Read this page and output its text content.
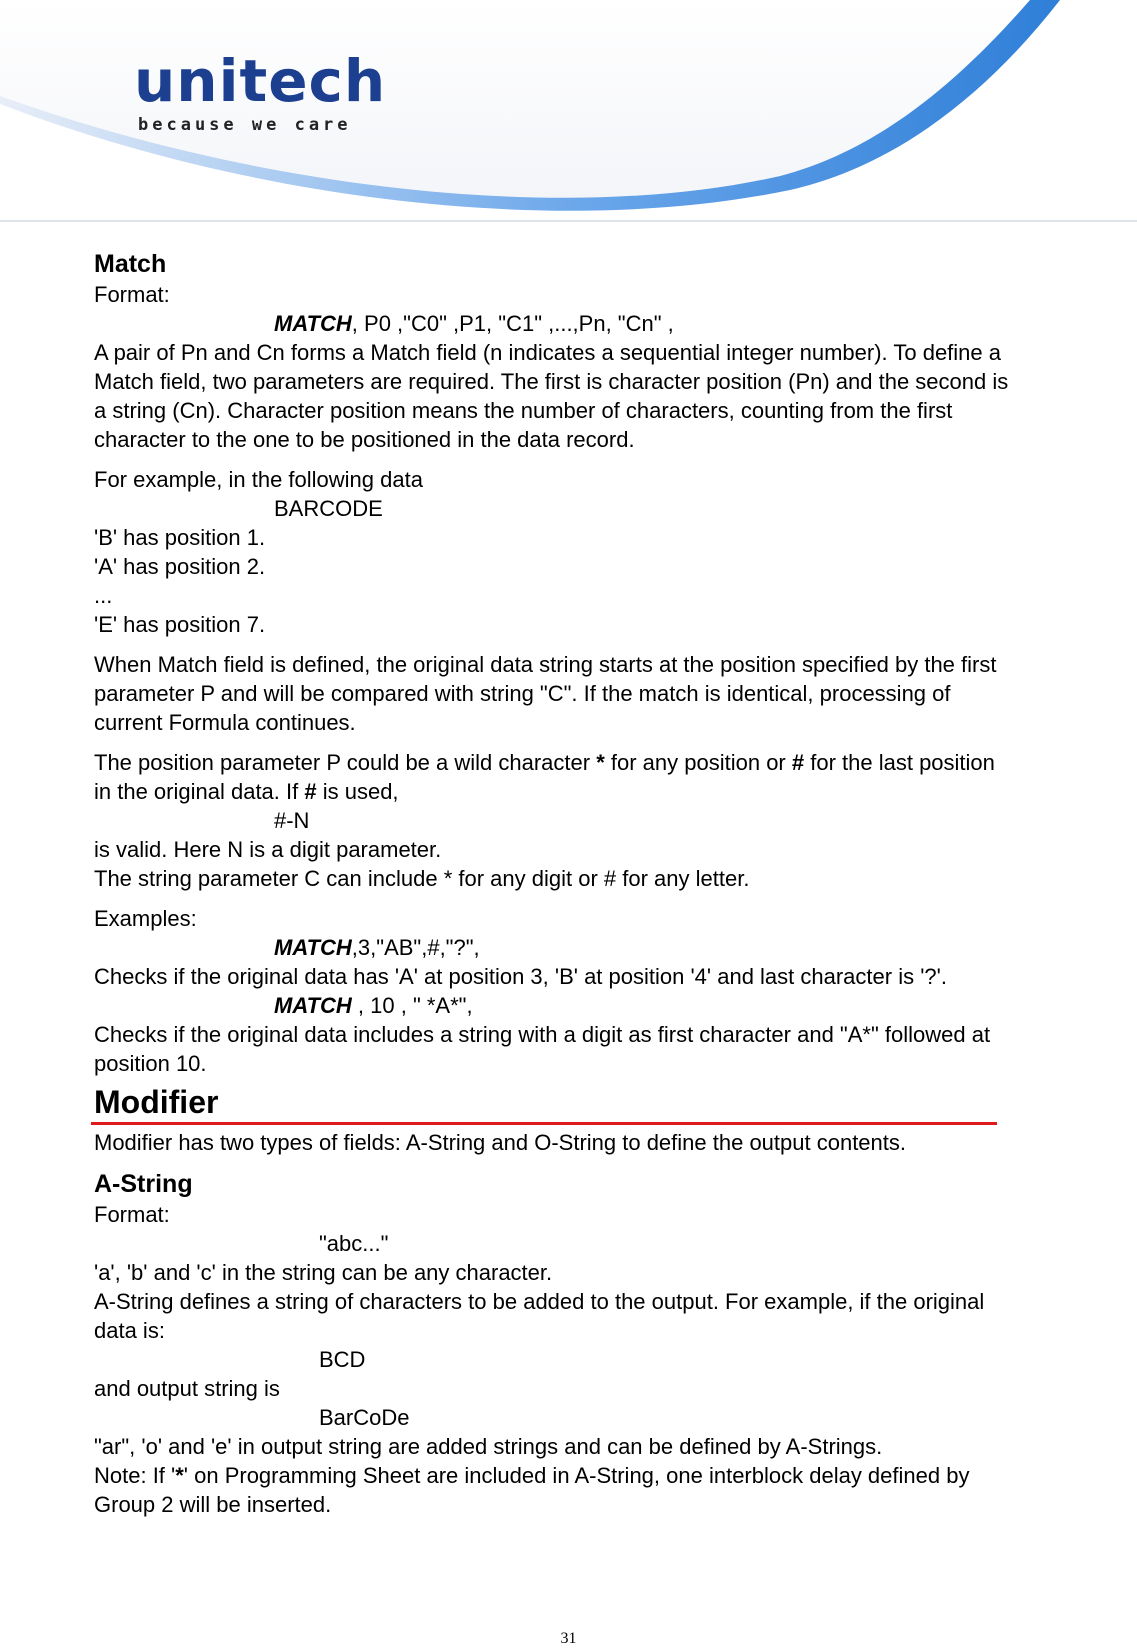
unitech
because we care

Match

Format:

MATCH, P0 ,"C0" ,P1, "C1" ,...,Pn, "Cn" ,

A pair of Pn and Cn forms a Match field (n indicates a sequential integer number). To define a

Match field, two parameters are required. The first is character position (Pn) and the second is

a string (Cn). Character position means the number of characters, counting from the first

character to the one to be positioned in the data record.

For example, in the following data

BARCODE

'B' has position 1.

'A' has position 2.

...

'E' has position 7.

When Match field is defined, the original data string starts at the position specified by the first

parameter P and will be compared with string "C". If the match is identical, processing of

current Formula continues.

The position parameter P could be a wild character * for any position or # for the last position

in the original data. If # is used,

#-N

is valid. Here N is a digit parameter.

The string parameter C can include * for any digit or # for any letter.

Examples:

MATCH,3,"AB",#,"?",

Checks if the original data has 'A' at position 3, 'B' at position '4' and last character is '?'.

MATCH , 10 , " *A*",

Checks if the original data includes a string with a digit as first character and "A*" followed at

position 10.

Modifier

Modifier has two types of fields: A-String and O-String to define the output contents.

A-String

Format:

"abc..."

'a', 'b' and 'c' in the string can be any character.

A-String defines a string of characters to be added to the output. For example, if the original

data is:

BCD

and output string is

BarCoDe

"ar", 'o' and 'e' in output string are added strings and can be defined by A-Strings.

Note: If '*' on Programming Sheet are included in A-String, one interblock delay defined by

Group 2 will be inserted.

31
